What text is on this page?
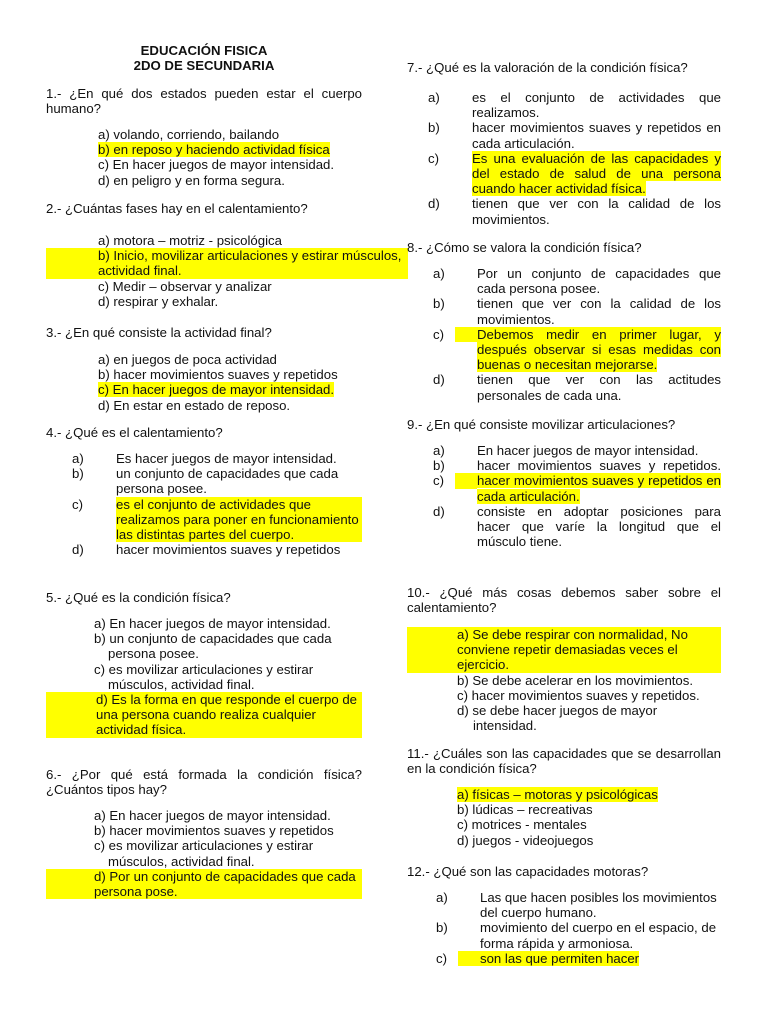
EDUCACIÓN FISICA
2DO DE SECUNDARIA
1.- ¿En qué dos estados pueden estar el cuerpo humano?
a) volando, corriendo, bailando
b) en reposo y haciendo actividad física
c) En hacer juegos de mayor intensidad.
d) en peligro y en forma segura.
2.- ¿Cuántas fases hay en el calentamiento?
a) motora – motriz - psicológica
b) Inicio, movilizar articulaciones y estirar músculos, actividad final.
c) Medir – observar y analizar
d) respirar y exhalar.
3.- ¿En qué consiste la actividad final?
a) en juegos de poca actividad
b) hacer movimientos suaves y repetidos
c) En hacer juegos de mayor intensidad.
d) En estar en estado de reposo.
4.- ¿Qué es el calentamiento?
a) Es hacer juegos de mayor intensidad.
b) un conjunto de capacidades que cada persona posee.
c)	es el conjunto de actividades que realizamos para poner en funcionamiento las distintas partes del cuerpo.
d) hacer movimientos suaves y repetidos
5.- ¿Qué es la condición física?
a) En hacer juegos de mayor intensidad.
b) un conjunto de capacidades que cada persona posee.
c) es movilizar articulaciones y estirar músculos, actividad final.
d) Es la forma en que responde el cuerpo de una persona cuando realiza cualquier actividad física.
6.- ¿Por qué está formada la condición física? ¿Cuántos tipos hay?
a) En hacer juegos de mayor intensidad.
b) hacer movimientos suaves y repetidos
c) es movilizar articulaciones y estirar músculos, actividad final.
d) Por un conjunto de capacidades que cada persona pose.
7.- ¿Qué es la valoración de la condición física?
a) es el conjunto de actividades que realizamos.
b) hacer movimientos suaves y repetidos en cada articulación.
c)	Es una evaluación de las capacidades y del estado de salud de una persona cuando hacer actividad física.
d) tienen que ver con la calidad de los movimientos.
8.- ¿Cómo se valora la condición física?
a) Por un conjunto de capacidades que cada persona posee.
b) tienen que ver con la calidad de los movimientos.
c)	Debemos medir en primer lugar, y después observar si esas medidas con buenas o necesitan mejorarse.
d) tienen que ver con las actitudes personales de cada una.
9.- ¿En qué consiste movilizar articulaciones?
a) En hacer juegos de mayor intensidad.
b) hacer movimientos suaves y repetidos.
c)	hacer movimientos suaves y repetidos en cada articulación.
d) consiste en adoptar posiciones para hacer que varíe la longitud que el músculo tiene.
10.- ¿Qué más cosas debemos saber sobre el calentamiento?
a) Se debe respirar con normalidad, No conviene repetir demasiadas veces el ejercicio.
b) Se debe acelerar en los movimientos.
c) hacer movimientos suaves y repetidos.
d) se debe hacer juegos de mayor intensidad.
11.- ¿Cuáles son las capacidades que se desarrollan en la condición física?
a) físicas – motoras y psicológicas
b) lúdicas – recreativas
c) motrices - mentales
d) juegos - videojuegos
12.- ¿Qué son las capacidades motoras?
a) Las que hacen posibles los movimientos del cuerpo humano.
b) movimiento del cuerpo en el espacio, de forma rápida y armoniosa.
c)	son las que permiten hacer
